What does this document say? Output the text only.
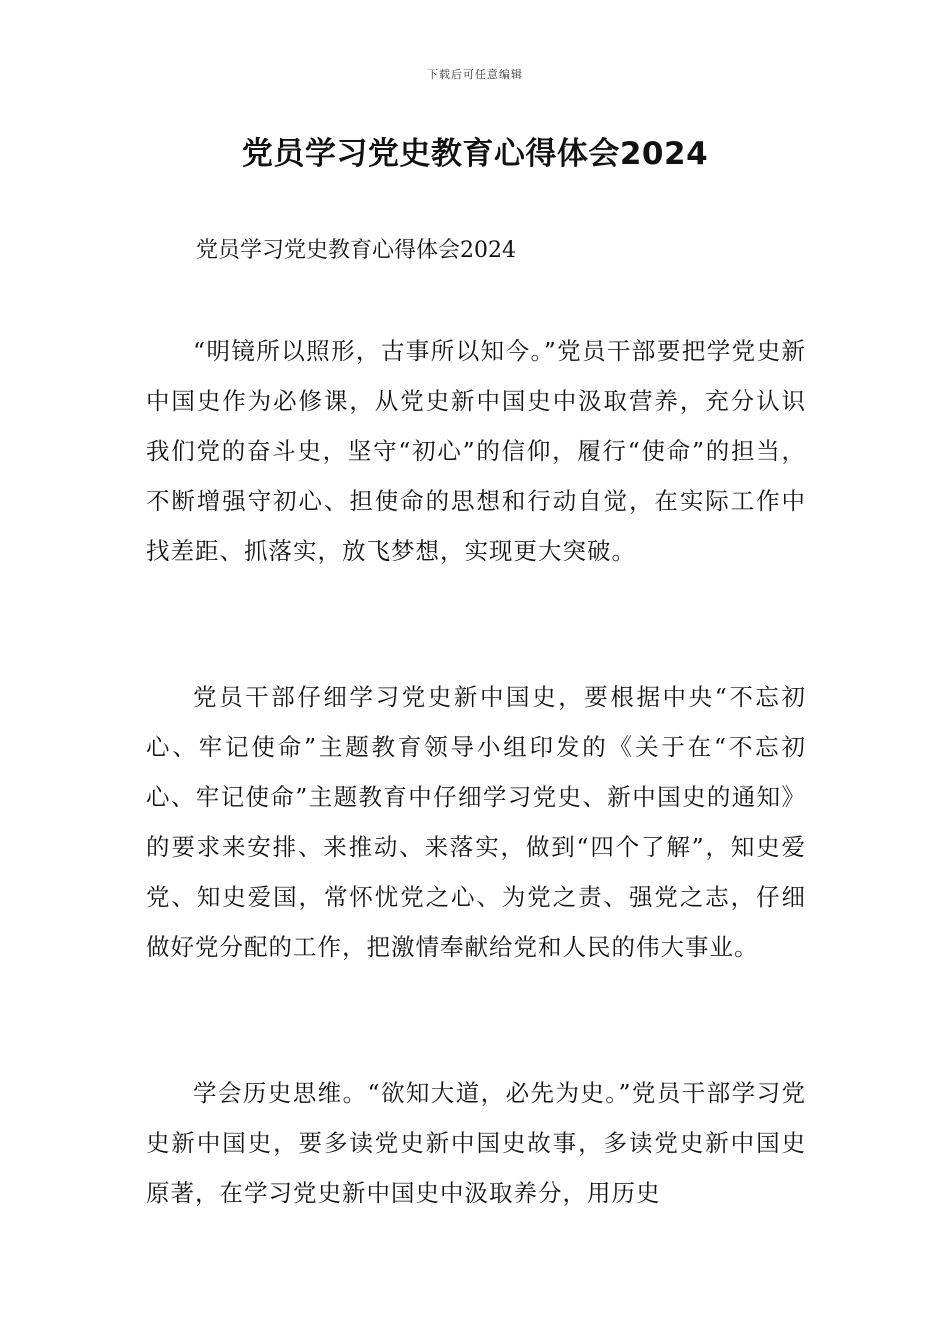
下载后可任意编辑
党员学习党史教育心得体会2024
党员学习党史教育心得体会2024

“明镜所以照形，古事所以知今。”党员干部要把学党史新中国史作为必修课，从党史新中国史中汲取营养，充分认识我们党的奋斗史，坚守“初心”的信仰，履行“使命”的担当，不断增强守初心、担使命的思想和行动自觉，在实际工作中找差距、抓落实，放飞梦想，实现更大突破。

党员干部仔细学习党史新中国史，要根据中央“不忘初心、牢记使命”主题教育领导小组印发的《关于在“不忘初心、牢记使命”主题教育中仔细学习党史、新中国史的通知》的要求来安排、来推动、来落实，做到“四个了解”，知史爱党、知史爱国，常怀忧党之心、为党之责、强党之志，仔细做好党分配的工作，把激情奉献给党和人民的伟大事业。

学会历史思维。“欲知大道，必先为史。”党员干部学习党史新中国史，要多读党史新中国史故事，多读党史新中国史原著，在学习党史新中国史中汲取养分，用历史
